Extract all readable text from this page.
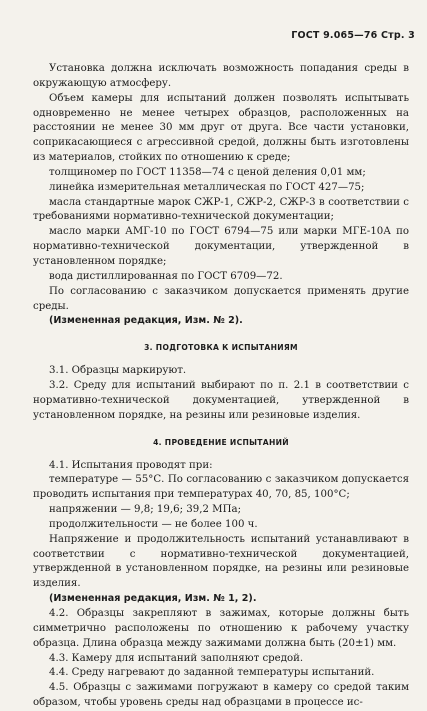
ГОСТ 9.065—76 Стр. 3

Установка должна исключать возможность попадания среды в окружающую атмосферу.

Объем камеры для испытаний должен позволять испытывать одновременно не менее четырех образцов, расположенных на расстоянии не менее 30 мм друг от друга. Все части установки, соприкасающиеся с агрессивной средой, должны быть изготовлены из материалов, стойких по отношению к среде;

толщиномер по ГОСТ 11358—74 с ценой деления 0,01 мм;

линейка измерительная металлическая по ГОСТ 427—75;

масла стандартные марок СЖР-1, СЖР-2, СЖР-3 в соответствии с требованиями нормативно-технической документации;

масло марки АМГ-10 по ГОСТ 6794—75 или марки МГЕ-10А по нормативно-технической документации, утвержденной в установленном порядке;

вода дистиллированная по ГОСТ 6709—72.

По согласованию с заказчиком допускается применять другие среды.

(Измененная редакция, Изм. № 2).

3. ПОДГОТОВКА К ИСПЫТАНИЯМ

3.1. Образцы маркируют.

3.2. Среду для испытаний выбирают по п. 2.1 в соответствии с нормативно-технической документацией, утвержденной в установленном порядке, на резины или резиновые изделия.

4. ПРОВЕДЕНИЕ ИСПЫТАНИЙ

4.1. Испытания проводят при:

температуре — 55°С. По согласованию с заказчиком допускается проводить испытания при температурах 40, 70, 85, 100°С;

напряжении — 9,8; 19,6; 39,2 МПа;

продолжительности — не более 100 ч.

Напряжение и продолжительность испытаний устанавливают в соответствии с нормативно-технической документацией, утвержденной в установленном порядке, на резины или резиновые изделия.

(Измененная редакция, Изм. № 1, 2).

4.2. Образцы закрепляют в зажимах, которые должны быть симметрично расположены по отношению к рабочему участку образца. Длина образца между зажимами должна быть (20±1) мм.

4.3. Камеру для испытаний заполняют средой.

4.4. Среду нагревают до заданной температуры испытаний.

4.5. Образцы с зажимами погружают в камеру со средой таким образом, чтобы уровень среды над образцами в процессе ис-
